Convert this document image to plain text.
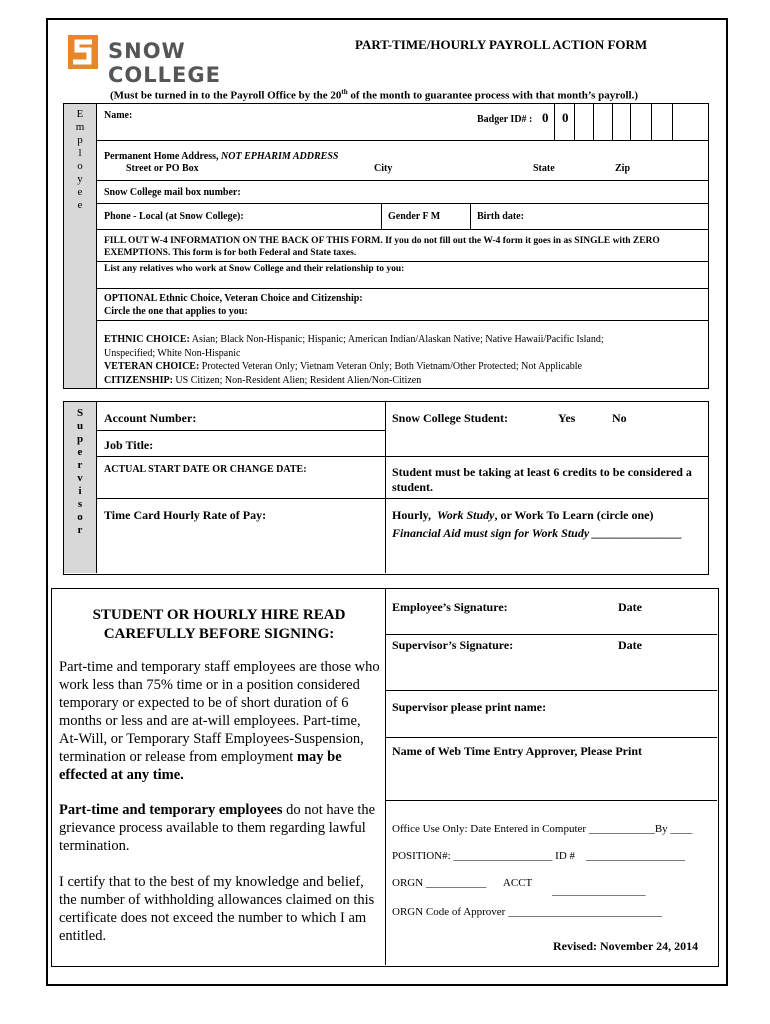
SNOW COLLEGE
PART-TIME/HOURLY PAYROLL ACTION FORM
(Must be turned in to the Payroll Office by the 20th of the month to guarantee process with that month’s payroll.)
E
m
p
l
o
y
e
e
Name:	Badger ID# : 0 0
Permanent Home Address, NOT EPHARIM ADDRESS
Street or PO Box	City	State	Zip
Snow College mail box number:
Phone - Local (at Snow College):	Gender F M	Birth date:
FILL OUT W-4 INFORMATION ON THE BACK OF THIS FORM. If you do not fill out the W-4 form it goes in as SINGLE with ZERO EXEMPTIONS. This form is for both Federal and State taxes.
List any relatives who work at Snow College and their relationship to you:
OPTIONAL Ethnic Choice, Veteran Choice and Citizenship:
Circle the one that applies to you:
ETHNIC CHOICE: Asian; Black Non-Hispanic; Hispanic; American Indian/Alaskan Native; Native Hawaii/Pacific Island;
Unspecified; White Non-Hispanic
VETERAN CHOICE: Protected Veteran Only; Vietnam Veteran Only; Both Vietnam/Other Protected; Not Applicable
CITIZENSHIP: US Citizen; Non-Resident Alien; Resident Alien/Non-Citizen
S
u
p
e
r
v
i
s
o
r
Account Number:	Snow College Student:	Yes	No
Job Title:
ACTUAL START DATE OR CHANGE DATE:	Student must be taking at least 6 credits to be considered a student.
Time Card Hourly Rate of Pay:	Hourly, Work Study, or Work To Learn (circle one)
Financial Aid must sign for Work Study _______________
STUDENT OR HOURLY HIRE READ
CAREFULLY BEFORE SIGNING:
Part-time and temporary staff employees are those who work less than 75% time or in a position considered temporary or expected to be of short duration of 6 months or less and are at-will employees. Part-time, At-Will, or Temporary Staff Employees-Suspension, termination or release from employment may be effected at any time.
Part-time and temporary employees do not have the grievance process available to them regarding lawful termination.
I certify that to the best of my knowledge and belief, the number of withholding allowances claimed on this certificate does not exceed the number to which I am entitled.
Employee’s Signature:	Date
Supervisor’s Signature:	Date
Supervisor please print name:
Name of Web Time Entry Approver, Please Print
Office Use Only: Date Entered in Computer ____________By ____
POSITION#: __________________ ID # __________________
ORGN ___________ ACCT
_________________
ORGN Code of Approver ____________________________
Revised: November 24, 2014
